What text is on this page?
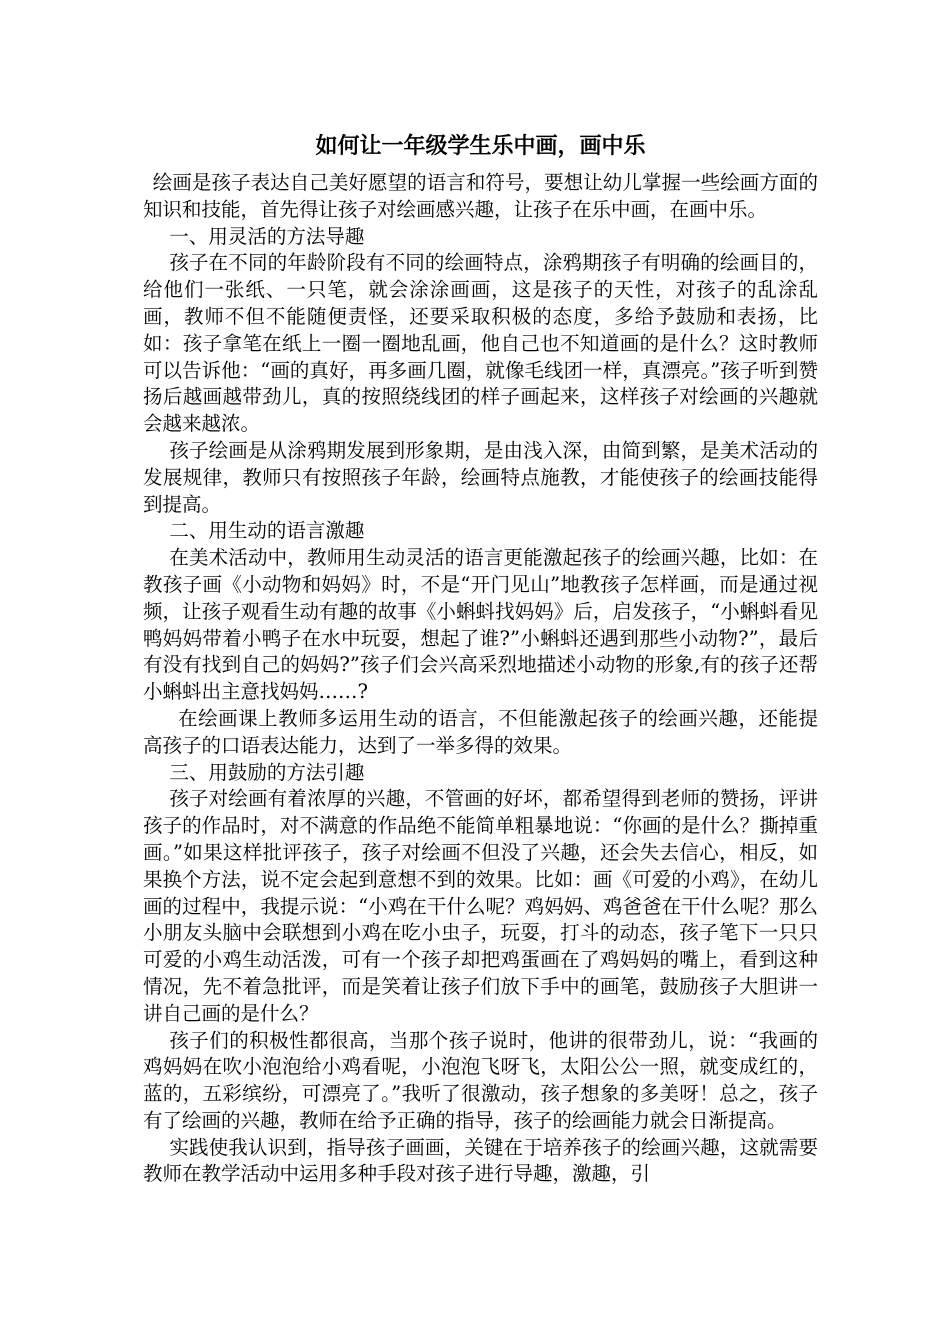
如何让一年级学生乐中画，画中乐

绘画是孩子表达自己美好愿望的语言和符号，要想让幼儿掌握一些绘画方面的知识和技能，首先得让孩子对绘画感兴趣，让孩子在乐中画，在画中乐。

一、用灵活的方法导趣

孩子在不同的年龄阶段有不同的绘画特点，涂鸦期孩子有明确的绘画目的，给他们一张纸、一只笔，就会涂涂画画，这是孩子的天性，对孩子的乱涂乱画，教师不但不能随便责怪，还要采取积极的态度，多给予鼓励和表扬，比如：孩子拿笔在纸上一圈一圈地乱画，他自己也不知道画的是什么？这时教师可以告诉他：“画的真好，再多画几圈，就像毛线团一样，真漂亮。”孩子听到赞扬后越画越带劲儿，真的按照绕线团的样子画起来，这样孩子对绘画的兴趣就会越来越浓。

孩子绘画是从涂鸦期发展到形象期，是由浅入深，由简到繁，是美术活动的发展规律，教师只有按照孩子年龄，绘画特点施教，才能使孩子的绘画技能得到提高。

二、用生动的语言激趣

在美术活动中，教师用生动灵活的语言更能激起孩子的绘画兴趣，比如：在教孩子画《小动物和妈妈》时，不是“开门见山”地教孩子怎样画，而是通过视频，让孩子观看生动有趣的故事《小蝌蚪找妈妈》后，启发孩子，“小蝌蚪看见鸭妈妈带着小鸭子在水中玩耍，想起了谁?”小蝌蚪还遇到那些小动物?”，最后有没有找到自己的妈妈?”孩子们会兴高采烈地描述小动物的形象,有的孩子还帮小蝌蚪出主意找妈妈……?

在绘画课上教师多运用生动的语言，不但能激起孩子的绘画兴趣，还能提高孩子的口语表达能力，达到了一举多得的效果。

三、用鼓励的方法引趣

孩子对绘画有着浓厚的兴趣，不管画的好坏，都希望得到老师的赞扬，评讲孩子的作品时，对不满意的作品绝不能简单粗暴地说：“你画的是什么？撕掉重画。”如果这样批评孩子，孩子对绘画不但没了兴趣，还会失去信心，相反，如果换个方法，说不定会起到意想不到的效果。比如：画《可爱的小鸡》，在幼儿画的过程中，我提示说：“小鸡在干什么呢？鸡妈妈、鸡爸爸在干什么呢？那么小朋友头脑中会联想到小鸡在吃小虫子，玩耍，打斗的动态，孩子笔下一只只可爱的小鸡生动活泼，可有一个孩子却把鸡蛋画在了鸡妈妈的嘴上，看到这种情况，先不着急批评，而是笑着让孩子们放下手中的画笔，鼓励孩子大胆讲一讲自己画的是什么？

孩子们的积极性都很高，当那个孩子说时，他讲的很带劲儿，说：“我画的鸡妈妈在吹小泡泡给小鸡看呢，小泡泡飞呀飞，太阳公公一照，就变成红的，蓝的，五彩缤纷，可漂亮了。”我听了很激动，孩子想象的多美呀！总之，孩子有了绘画的兴趣，教师在给予正确的指导，孩子的绘画能力就会日渐提高。

实践使我认识到，指导孩子画画，关键在于培养孩子的绘画兴趣，这就需要教师在教学活动中运用多种手段对孩子进行导趣，激趣，引
